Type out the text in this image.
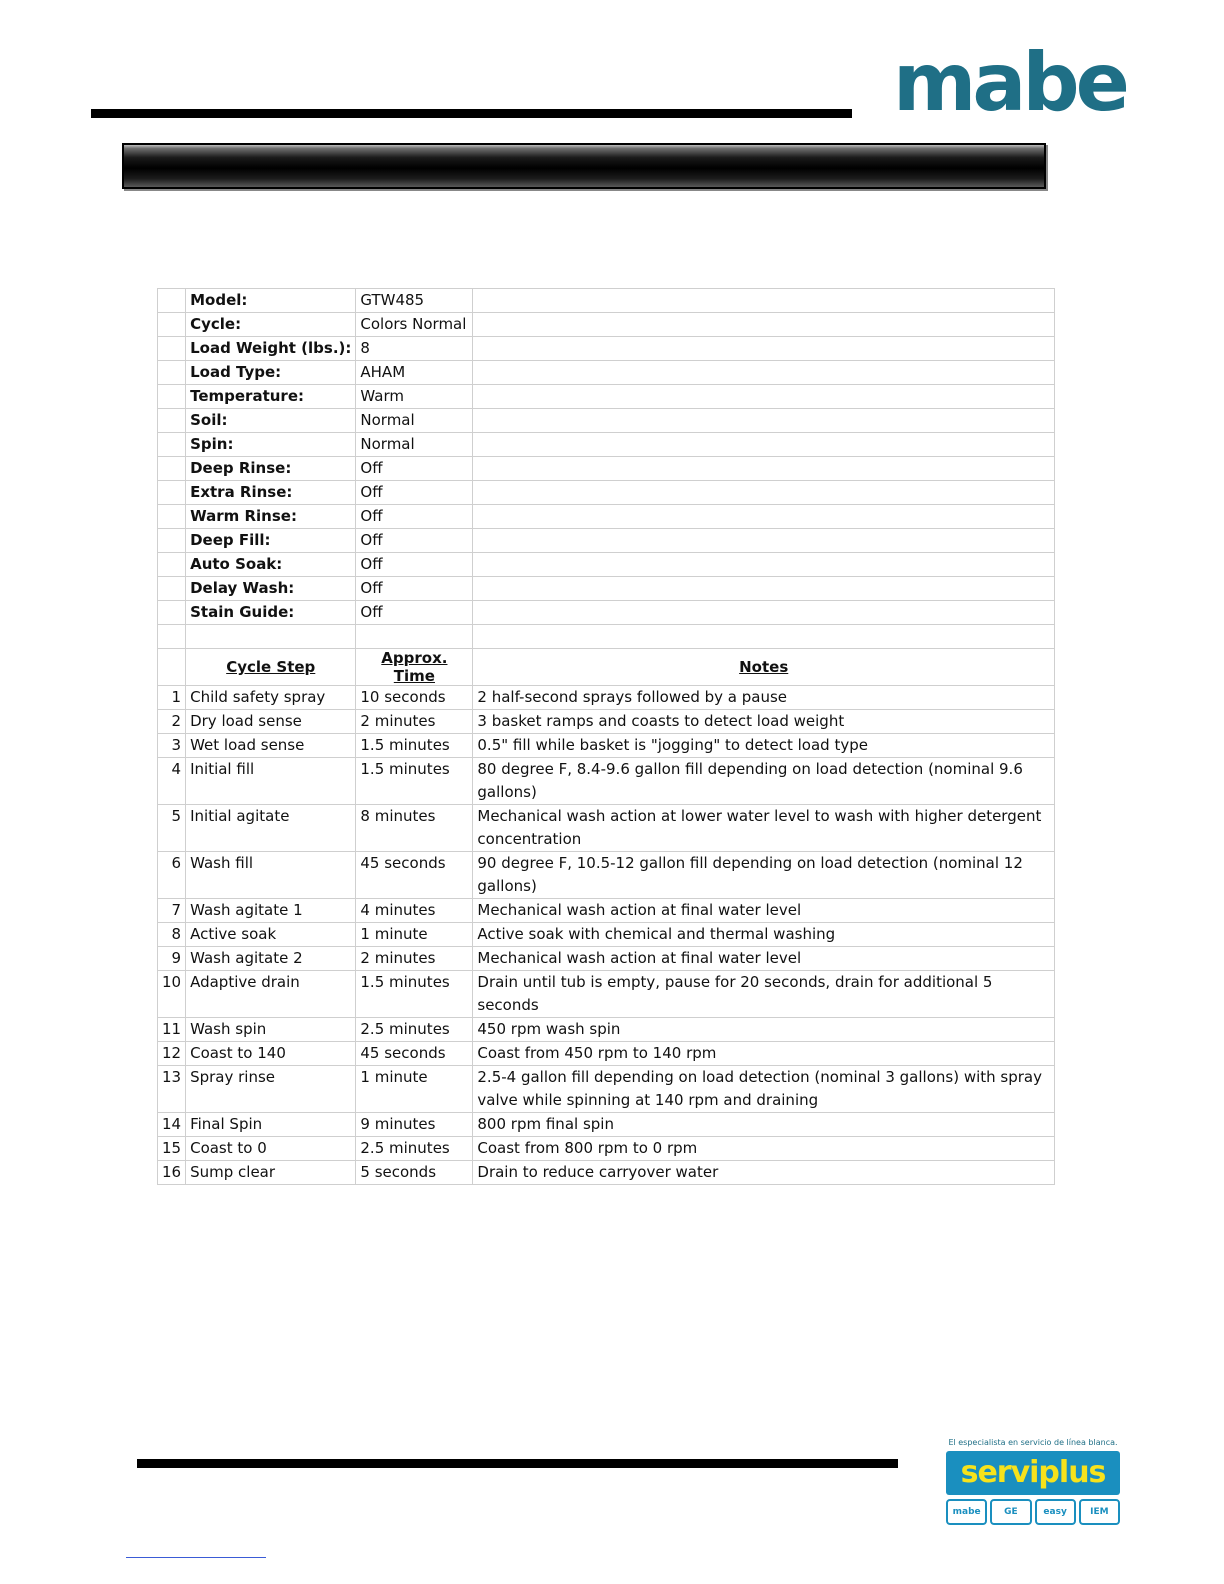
mabe
	Model:	GTW485	
	Cycle:	Colors Normal	
	Load Weight (lbs.):	8	
	Load Type:	AHAM	
	Temperature:	Warm	
	Soil:	Normal	
	Spin:	Normal	
	Deep Rinse:	Off	
	Extra Rinse:	Off	
	Warm Rinse:	Off	
	Deep Fill:	Off	
	Auto Soak:	Off	
	Delay Wash:	Off	
	Stain Guide:	Off	

	Cycle Step	Approx. Time	Notes
1	Child safety spray	10 seconds	2 half-second sprays followed by a pause
2	Dry load sense	2 minutes	3 basket ramps and coasts to detect load weight
3	Wet load sense	1.5 minutes	0.5" fill while basket is "jogging" to detect load type
4	Initial fill	1.5 minutes	80 degree F, 8.4-9.6 gallon fill depending on load detection (nominal 9.6 gallons)
5	Initial agitate	8 minutes	Mechanical wash action at lower water level to wash with higher detergent concentration
6	Wash fill	45 seconds	90 degree F, 10.5-12 gallon fill depending on load detection (nominal 12 gallons)
7	Wash agitate 1	4 minutes	Mechanical wash action at final water level
8	Active soak	1 minute	Active soak with chemical and thermal washing
9	Wash agitate 2	2 minutes	Mechanical wash action at final water level
10	Adaptive drain	1.5 minutes	Drain until tub is empty, pause for 20 seconds, drain for additional 5 seconds
11	Wash spin	2.5 minutes	450 rpm wash spin
12	Coast to 140	45 seconds	Coast from 450 rpm to 140 rpm
13	Spray rinse	1 minute	2.5-4 gallon fill depending on load detection (nominal 3 gallons) with spray valve while spinning at 140 rpm and draining
14	Final Spin	9 minutes	800 rpm final spin
15	Coast to 0	2.5 minutes	Coast from 800 rpm to 0 rpm
16	Sump clear	5 seconds	Drain to reduce carryover water
El especialista en servicio de línea blanca.
serviplus
mabe	GE	easy	IEM
